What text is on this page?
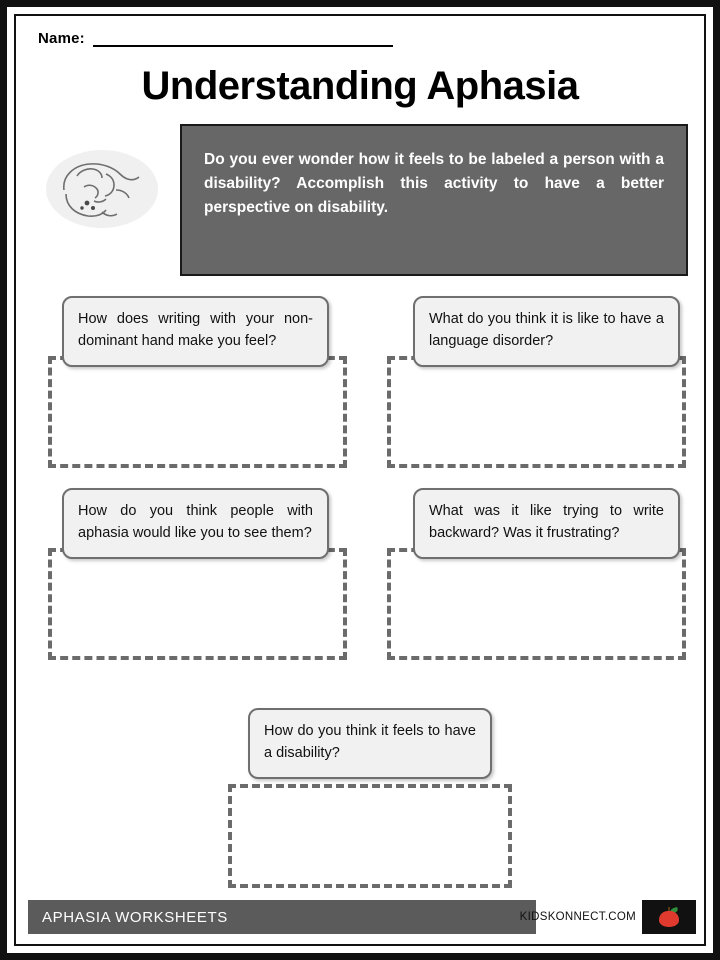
Name:
Understanding Aphasia
Do you ever wonder how it feels to be labeled a person with a disability? Accomplish this activity to have a better perspective on disability.

How does writing with your non-dominant hand make you feel?

What do you think it is like to have a language disorder?

How do you think people with aphasia would like you to see them?

What was it like trying to write backward? Was it frustrating?

How do you think it feels to have a disability?

APHASIA WORKSHEETS	KIDSKONNECT.COM
